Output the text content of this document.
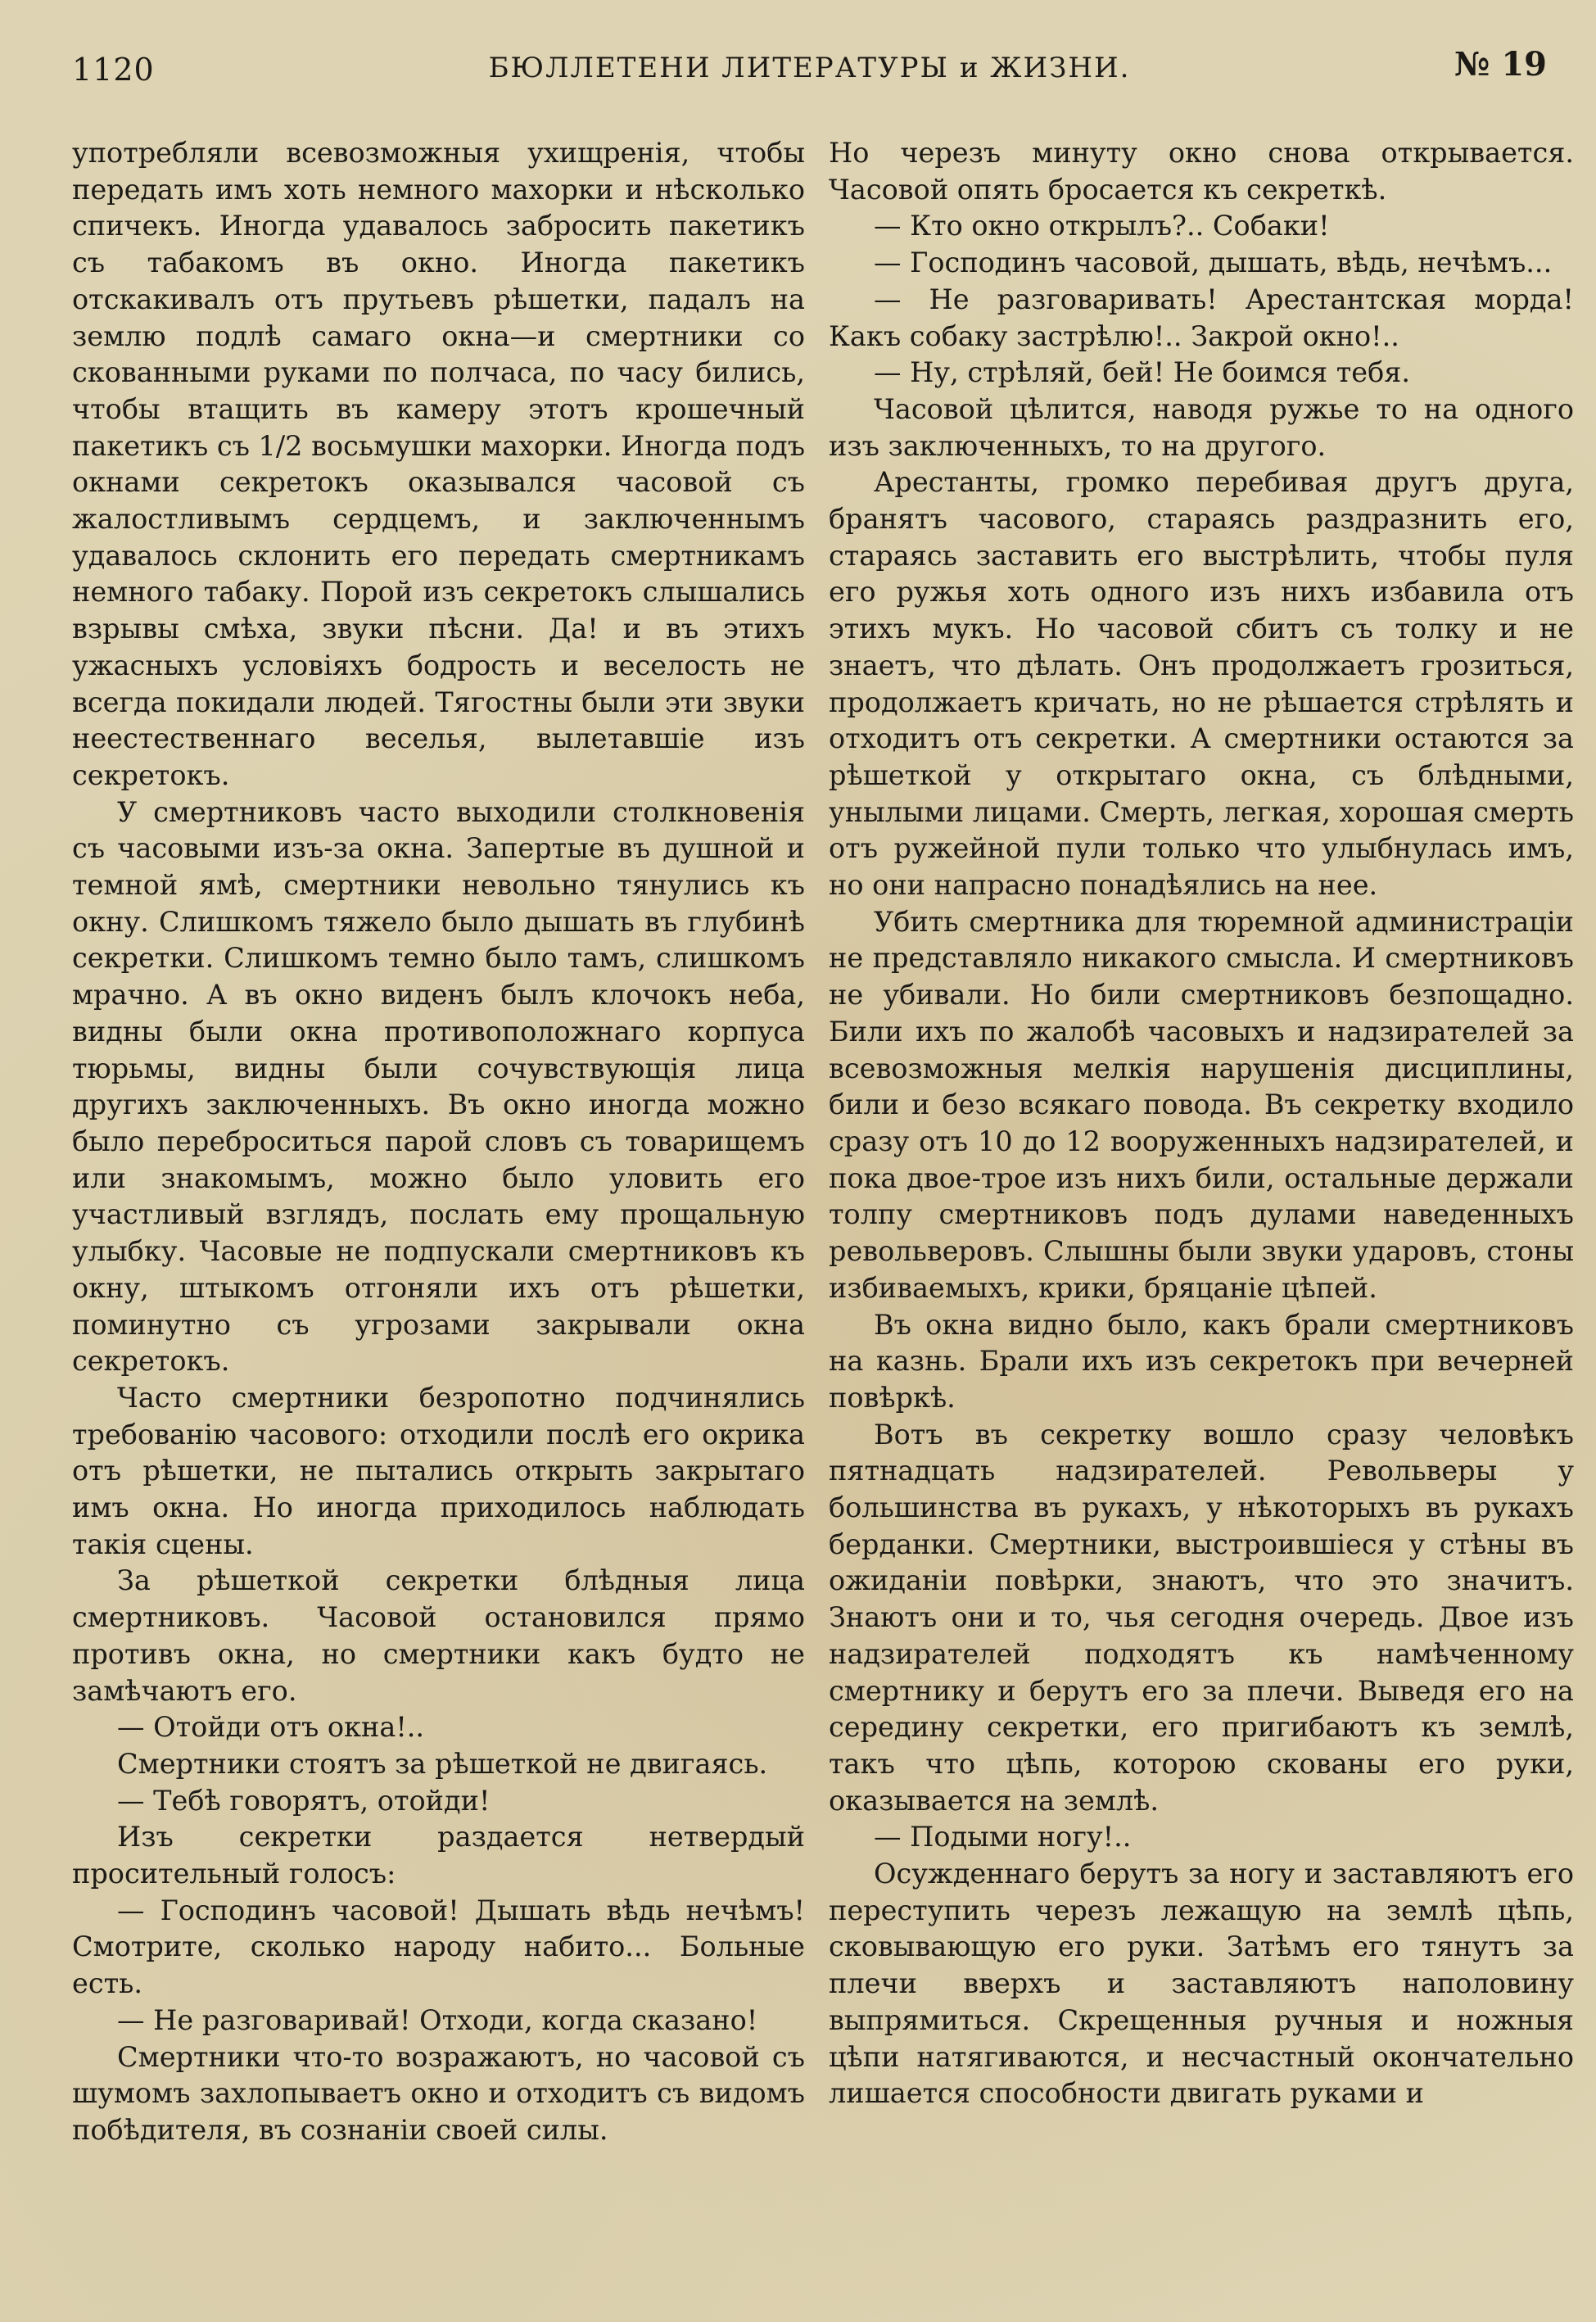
1120	БЮЛЛЕТЕНИ ЛИТЕРАТУРЫ и ЖИЗНИ.	№ 19

употребляли всевозможныя ухищренія, чтобы передать имъ хоть немного махорки и нѣсколько спичекъ. Иногда удавалось забросить пакетикъ съ табакомъ въ окно. Иногда пакетикъ отскакивалъ отъ прутьевъ рѣшетки, падалъ на землю подлѣ самаго окна—и смертники со скованными руками по полчаса, по часу бились, чтобы втащить въ камеру этотъ крошечный пакетикъ съ 1/2 восьмушки махорки. Иногда подъ окнами секретокъ оказывался часовой съ жалостливымъ сердцемъ, и заключеннымъ удавалось склонить его передать смертникамъ немного табаку. Порой изъ секретокъ слышались взрывы смѣха, звуки пѣсни. Да! и въ этихъ ужасныхъ условіяхъ бодрость и веселость не всегда покидали людей. Тягостны были эти звуки неестественнаго веселья, вылетавшіе изъ секретокъ.

У смертниковъ часто выходили столкновенія съ часовыми изъ-за окна. Запертые въ душной и темной ямѣ, смертники невольно тянулись къ окну. Слишкомъ тяжело было дышать въ глубинѣ секретки. Слишкомъ темно было тамъ, слишкомъ мрачно. А въ окно виденъ былъ клочокъ неба, видны были окна противоположнаго корпуса тюрьмы, видны были сочувствующія лица другихъ заключенныхъ. Въ окно иногда можно было переброситься парой словъ съ товарищемъ или знакомымъ, можно было уловить его участливый взглядъ, послать ему прощальную улыбку. Часовые не подпускали смертниковъ къ окну, штыкомъ отгоняли ихъ отъ рѣшетки, поминутно съ угрозами закрывали окна секретокъ.

Часто смертники безропотно подчинялись требованію часового: отходили послѣ его окрика отъ рѣшетки, не пытались открыть закрытаго имъ окна. Но иногда приходилось наблюдать такія сцены.

За рѣшеткой секретки блѣдныя лица смертниковъ. Часовой остановился прямо противъ окна, но смертники какъ будто не замѣчаютъ его.

— Отойди отъ окна!..

Смертники стоятъ за рѣшеткой не двигаясь.

— Тебѣ говорятъ, отойди!

Изъ секретки раздается нетвердый просительный голосъ:

— Господинъ часовой! Дышать вѣдь нечѣмъ! Смотрите, сколько народу набито... Больные есть.

— Не разговаривай! Отходи, когда сказано!

Смертники что-то возражаютъ, но часовой съ шумомъ захлопываетъ окно и отходитъ съ видомъ побѣдителя, въ сознаніи своей силы.

Но черезъ минуту окно снова открывается. Часовой опять бросается къ секреткѣ.

— Кто окно открылъ?.. Собаки!

— Господинъ часовой, дышать, вѣдь, нечѣмъ...

— Не разговаривать! Арестантская морда! Какъ собаку застрѣлю!.. Закрой окно!..

— Ну, стрѣляй, бей! Не боимся тебя.

Часовой цѣлится, наводя ружье то на одного изъ заключенныхъ, то на другого.

Арестанты, громко перебивая другъ друга, бранятъ часового, стараясь раздразнить его, стараясь заставить его выстрѣлить, чтобы пуля его ружья хоть одного изъ нихъ избавила отъ этихъ мукъ. Но часовой сбитъ съ толку и не знаетъ, что дѣлать. Онъ продолжаетъ грозиться, продолжаетъ кричать, но не рѣшается стрѣлять и отходитъ отъ секретки. А смертники остаются за рѣшеткой у открытаго окна, съ блѣдными, унылыми лицами. Смерть, легкая, хорошая смерть отъ ружейной пули только что улыбнулась имъ, но они напрасно понадѣялись на нее.

Убить смертника для тюремной администраціи не представляло никакого смысла. И смертниковъ не убивали. Но били смертниковъ безпощадно. Били ихъ по жалобѣ часовыхъ и надзирателей за всевозможныя мелкія нарушенія дисциплины, били и безо всякаго повода. Въ секретку входило сразу отъ 10 до 12 вооруженныхъ надзирателей, и пока двое-трое изъ нихъ били, остальные держали толпу смертниковъ подъ дулами наведенныхъ револьверовъ. Слышны были звуки ударовъ, стоны избиваемыхъ, крики, бряцаніе цѣпей.

Въ окна видно было, какъ брали смертниковъ на казнь. Брали ихъ изъ секретокъ при вечерней повѣркѣ.

Вотъ въ секретку вошло сразу человѣкъ пятнадцать надзирателей. Револьверы у большинства въ рукахъ, у нѣкоторыхъ въ рукахъ берданки. Смертники, выстроившіеся у стѣны въ ожиданіи повѣрки, знаютъ, что это значитъ. Знаютъ они и то, чья сегодня очередь. Двое изъ надзирателей подходятъ къ намѣченному смертнику и берутъ его за плечи. Выведя его на середину секретки, его пригибаютъ къ землѣ, такъ что цѣпь, которою скованы его руки, оказывается на землѣ.

— Подыми ногу!..

Осужденнаго берутъ за ногу и заставляютъ его переступить черезъ лежащую на землѣ цѣпь, сковывающую его руки. Затѣмъ его тянутъ за плечи вверхъ и заставляютъ наполовину выпрямиться. Скрещенныя ручныя и ножныя цѣпи натягиваются, и несчастный окончательно лишается способности двигать руками и
